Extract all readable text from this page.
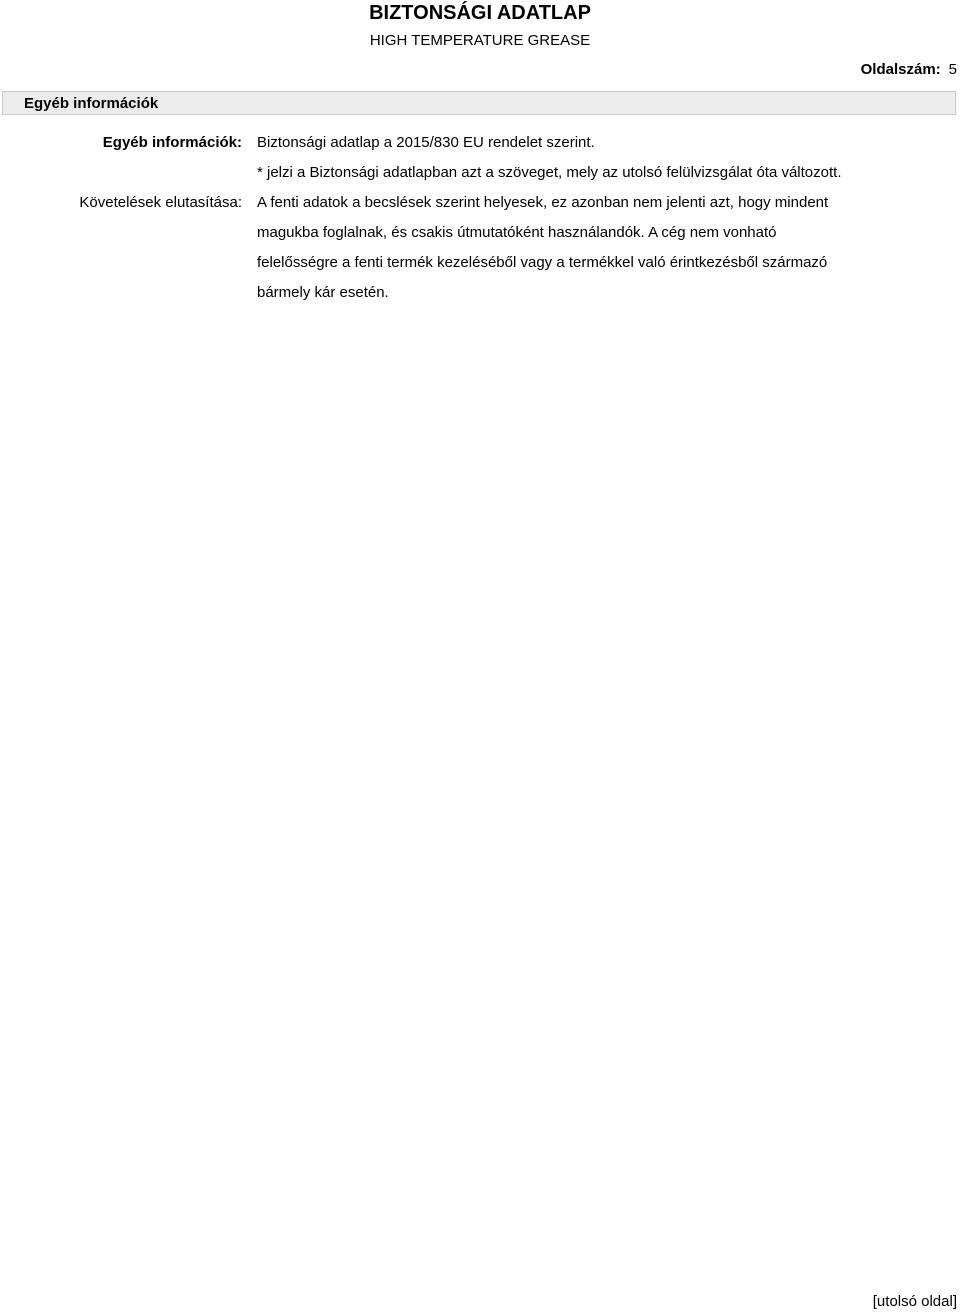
BIZTONSÁGI ADATLAP
HIGH TEMPERATURE GREASE
Oldalszám: 5
Egyéb információk
Egyéb információk: Biztonsági adatlap a 2015/830 EU rendelet szerint.
* jelzi a Biztonsági adatlapban azt a szöveget, mely az utolsó felülvizsgálat óta változott.
Követelések elutasítása: A fenti adatok a becslések szerint helyesek, ez azonban nem jelenti azt, hogy mindent
magukba foglalnak, és csakis útmutatóként használandók. A cég nem vonható
felelősségre a fenti termék kezeléséből vagy a termékkel való érintkezésből származó
bármely kár esetén.
[utolsó oldal]
